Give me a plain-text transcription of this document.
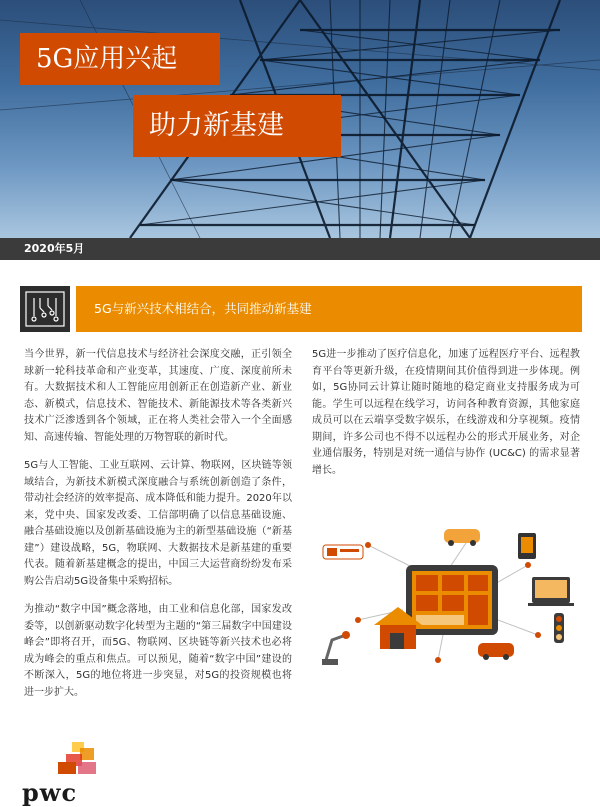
5G应用兴起
助力新基建
2020年5月
5G与新兴技术相结合，共同推动新基建

当今世界，新一代信息技术与经济社会深度交融，正引领全球新一轮科技革命和产业变革，其速度、广度、深度前所未有。大数据技术和人工智能应用创新正在创造新产业、新业态、新模式，信息技术、智能技术、新能源技术等各类新兴技术广泛渗透到各个领域，正在将人类社会带入一个全面感知、高速传输、智能处理的万物智联的新时代。

5G与人工智能、工业互联网、云计算、物联网，区块链等领域结合，为新技术新模式深度融合与系统创新创造了条件，带动社会经济的效率提高、成本降低和能力提升。2020年以来，党中央、国家发改委、工信部明确了以信息基础设施、融合基础设施以及创新基础设施为主的新型基础设施（“新基建”）建设战略，5G，物联网、大数据技术是新基建的重要代表。随着新基建概念的提出，中国三大运营商纷纷发布采购公告启动5G设备集中采购招标。

为推动“数字中国”概念落地，由工业和信息化部，国家发改委等，以创新驱动数字化转型为主题的“第三届数字中国建设峰会”即将召开，而5G、物联网、区块链等新兴技术也必将成为峰会的重点和焦点。可以预见，随着“数字中国”建设的不断深入，5G的地位将进一步突显，对5G的投资规模也将进一步扩大。

5G进一步推动了医疗信息化，加速了远程医疗平台、远程教育平台等更新升级，在疫情期间其价值得到进一步体现。例如，5G协同云计算让随时随地的稳定商业支持服务成为可能。学生可以远程在线学习，访问各种教育资源，其他家庭成员可以在云端享受数字娱乐，在线游戏和分享视频。疫情期间，许多公司也不得不以远程办公的形式开展业务，对企业通信服务，特别是对统一通信与协作 (UC&C) 的需求显著增长。

pwc
